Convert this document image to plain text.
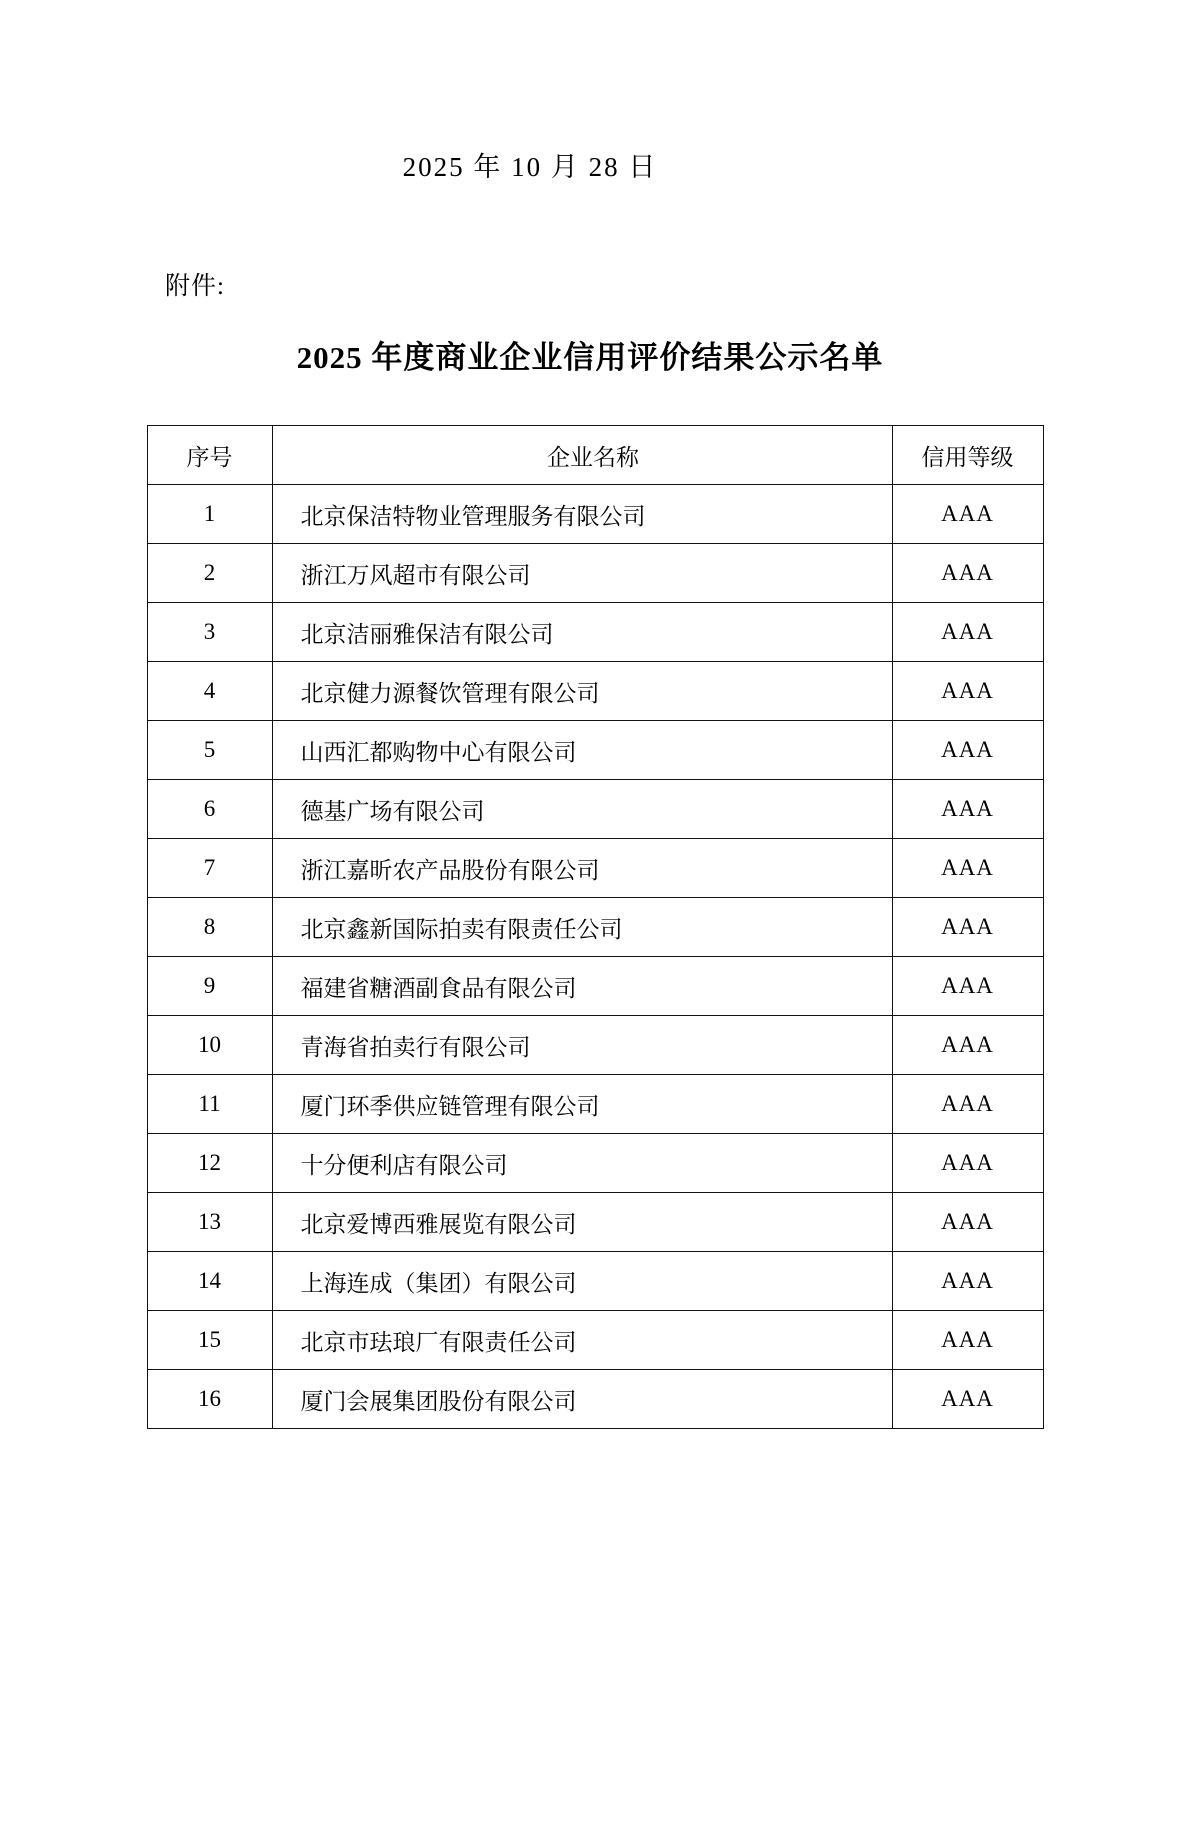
2025 年 10 月 28 日
附件:
2025 年度商业企业信用评价结果公示名单
序号	企业名称	信用等级
1	北京保洁特物业管理服务有限公司	AAA
2	浙江万风超市有限公司	AAA
3	北京洁丽雅保洁有限公司	AAA
4	北京健力源餐饮管理有限公司	AAA
5	山西汇都购物中心有限公司	AAA
6	德基广场有限公司	AAA
7	浙江嘉昕农产品股份有限公司	AAA
8	北京鑫新国际拍卖有限责任公司	AAA
9	福建省糖酒副食品有限公司	AAA
10	青海省拍卖行有限公司	AAA
11	厦门环季供应链管理有限公司	AAA
12	十分便利店有限公司	AAA
13	北京爱博西雅展览有限公司	AAA
14	上海连成（集团）有限公司	AAA
15	北京市珐琅厂有限责任公司	AAA
16	厦门会展集团股份有限公司	AAA
